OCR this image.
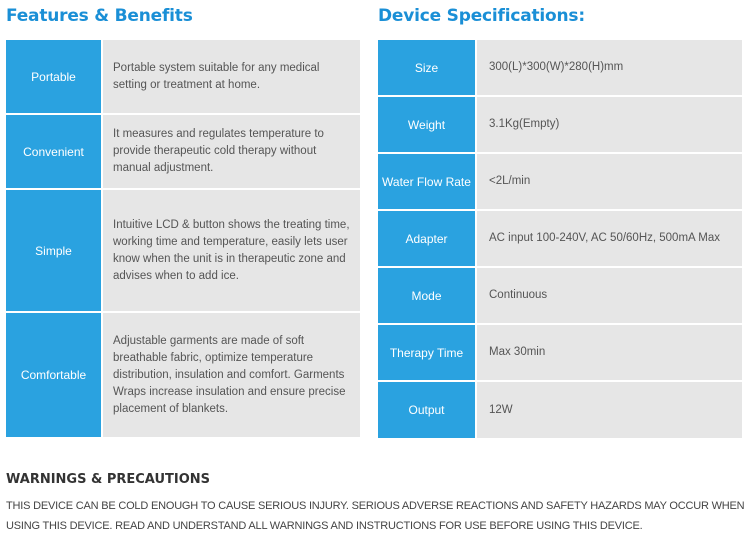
Features & Benefits
Portable
Portable system suitable for any medical setting or treatment at home.
Convenient
It measures and regulates temperature to provide therapeutic cold therapy without manual adjustment.
Simple
Intuitive LCD & button shows the treating time, working time and temperature, easily lets user know when the unit is in therapeutic zone and advises when to add ice.
Comfortable
Adjustable garments are made of soft breathable fabric, optimize temperature distribution, insulation and comfort. Garments Wraps increase insulation and ensure precise placement of blankets.
Device Specifications:
Size	300(L)*300(W)*280(H)mm
Weight	3.1Kg(Empty)
Water Flow Rate	<2L/min
Adapter	AC input 100-240V, AC 50/60Hz, 500mA Max
Mode	Continuous
Therapy Time	Max 30min
Output	12W
WARNINGS & PRECAUTIONS
THIS DEVICE CAN BE COLD ENOUGH TO CAUSE SERIOUS INJURY. SERIOUS ADVERSE REACTIONS AND SAFETY HAZARDS MAY OCCUR WHEN USING THIS DEVICE. READ AND UNDERSTAND ALL WARNINGS AND INSTRUCTIONS FOR USE BEFORE USING THIS DEVICE.
